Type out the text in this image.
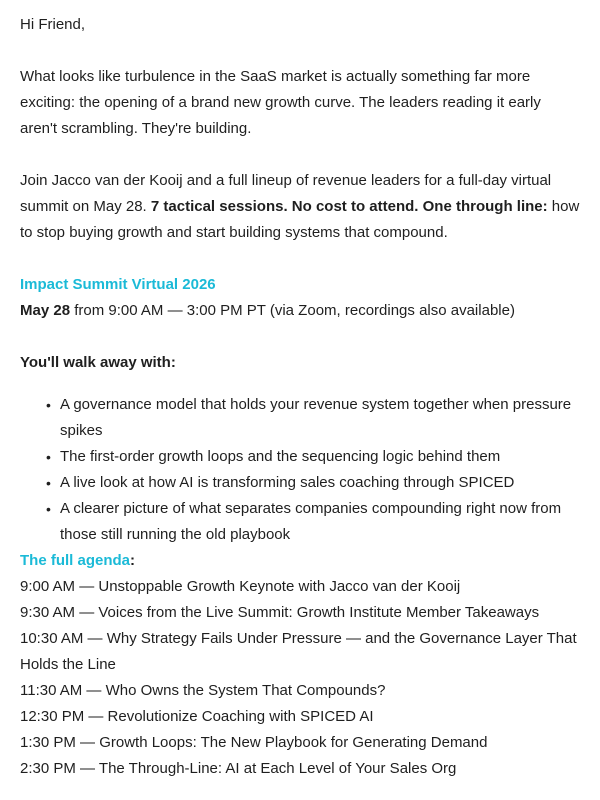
Hi Friend,

What looks like turbulence in the SaaS market is actually something far more exciting: the opening of a brand new growth curve. The leaders reading it early aren't scrambling. They're building.

Join Jacco van der Kooij and a full lineup of revenue leaders for a full-day virtual summit on May 28. 7 tactical sessions. No cost to attend. One through line: how to stop buying growth and start building systems that compound.

Impact Summit Virtual 2026

May 28 from 9:00 AM — 3:00 PM PT (via Zoom, recordings also available)

You'll walk away with:

• A governance model that holds your revenue system together when pressure spikes
• The first-order growth loops and the sequencing logic behind them
• A live look at how AI is transforming sales coaching through SPICED
• A clearer picture of what separates companies compounding right now from those still running the old playbook

The full agenda:

9:00 AM — Unstoppable Growth Keynote with Jacco van der Kooij

9:30 AM — Voices from the Live Summit: Growth Institute Member Takeaways

10:30 AM — Why Strategy Fails Under Pressure — and the Governance Layer That Holds the Line

11:30 AM — Who Owns the System That Compounds?

12:30 PM — Revolutionize Coaching with SPICED AI

1:30 PM — Growth Loops: The New Playbook for Generating Demand

2:30 PM — The Through-Line: AI at Each Level of Your Sales Org
